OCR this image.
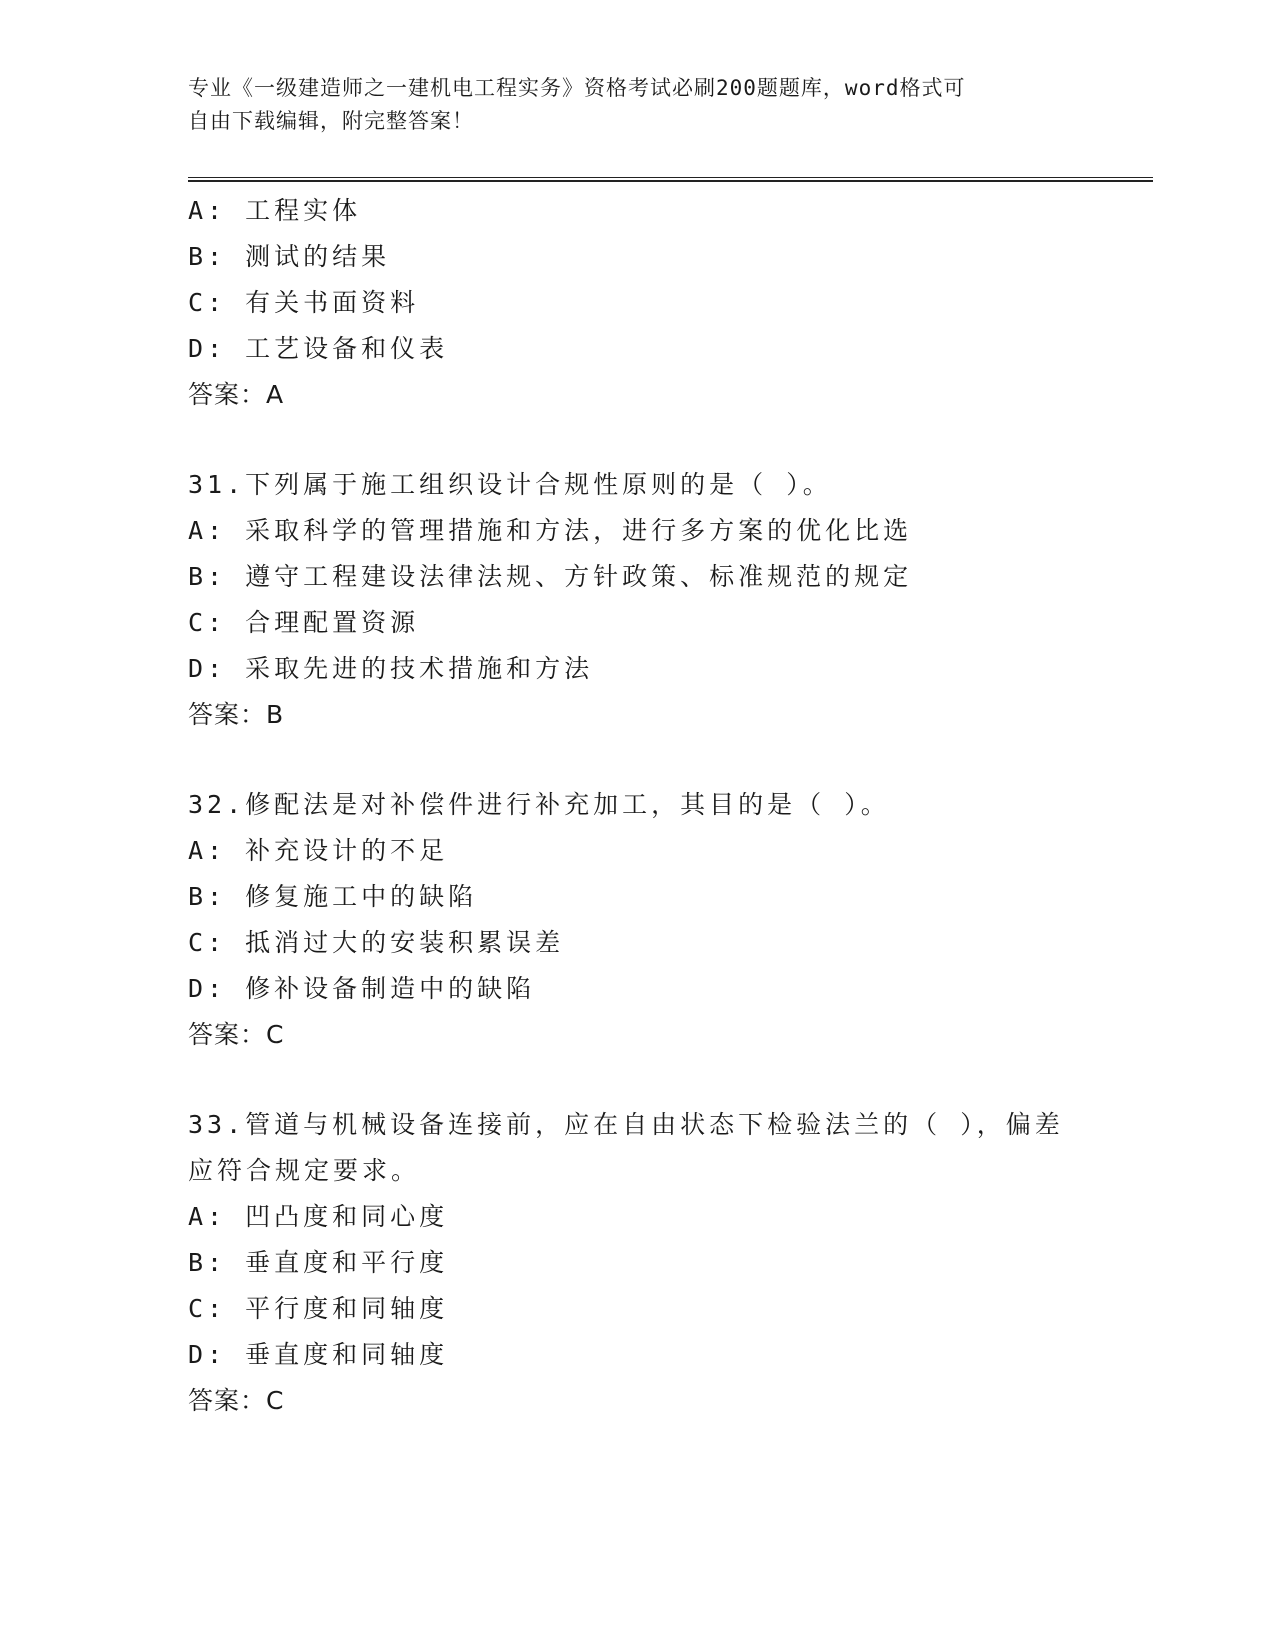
专业《一级建造师之一建机电工程实务》资格考试必刷200题题库，word格式可
自由下载编辑，附完整答案！
A: 工程实体
B: 测试的结果
C: 有关书面资料
D: 工艺设备和仪表
答案：A
31.下列属于施工组织设计合规性原则的是（ ）。
A: 采取科学的管理措施和方法，进行多方案的优化比选
B: 遵守工程建设法律法规、方针政策、标准规范的规定
C: 合理配置资源
D: 采取先进的技术措施和方法
答案：B
32.修配法是对补偿件进行补充加工，其目的是（ ）。
A: 补充设计的不足
B: 修复施工中的缺陷
C: 抵消过大的安装积累误差
D: 修补设备制造中的缺陷
答案：C
33.管道与机械设备连接前，应在自由状态下检验法兰的（ ），偏差
应符合规定要求。
A: 凹凸度和同心度
B: 垂直度和平行度
C: 平行度和同轴度
D: 垂直度和同轴度
答案：C
